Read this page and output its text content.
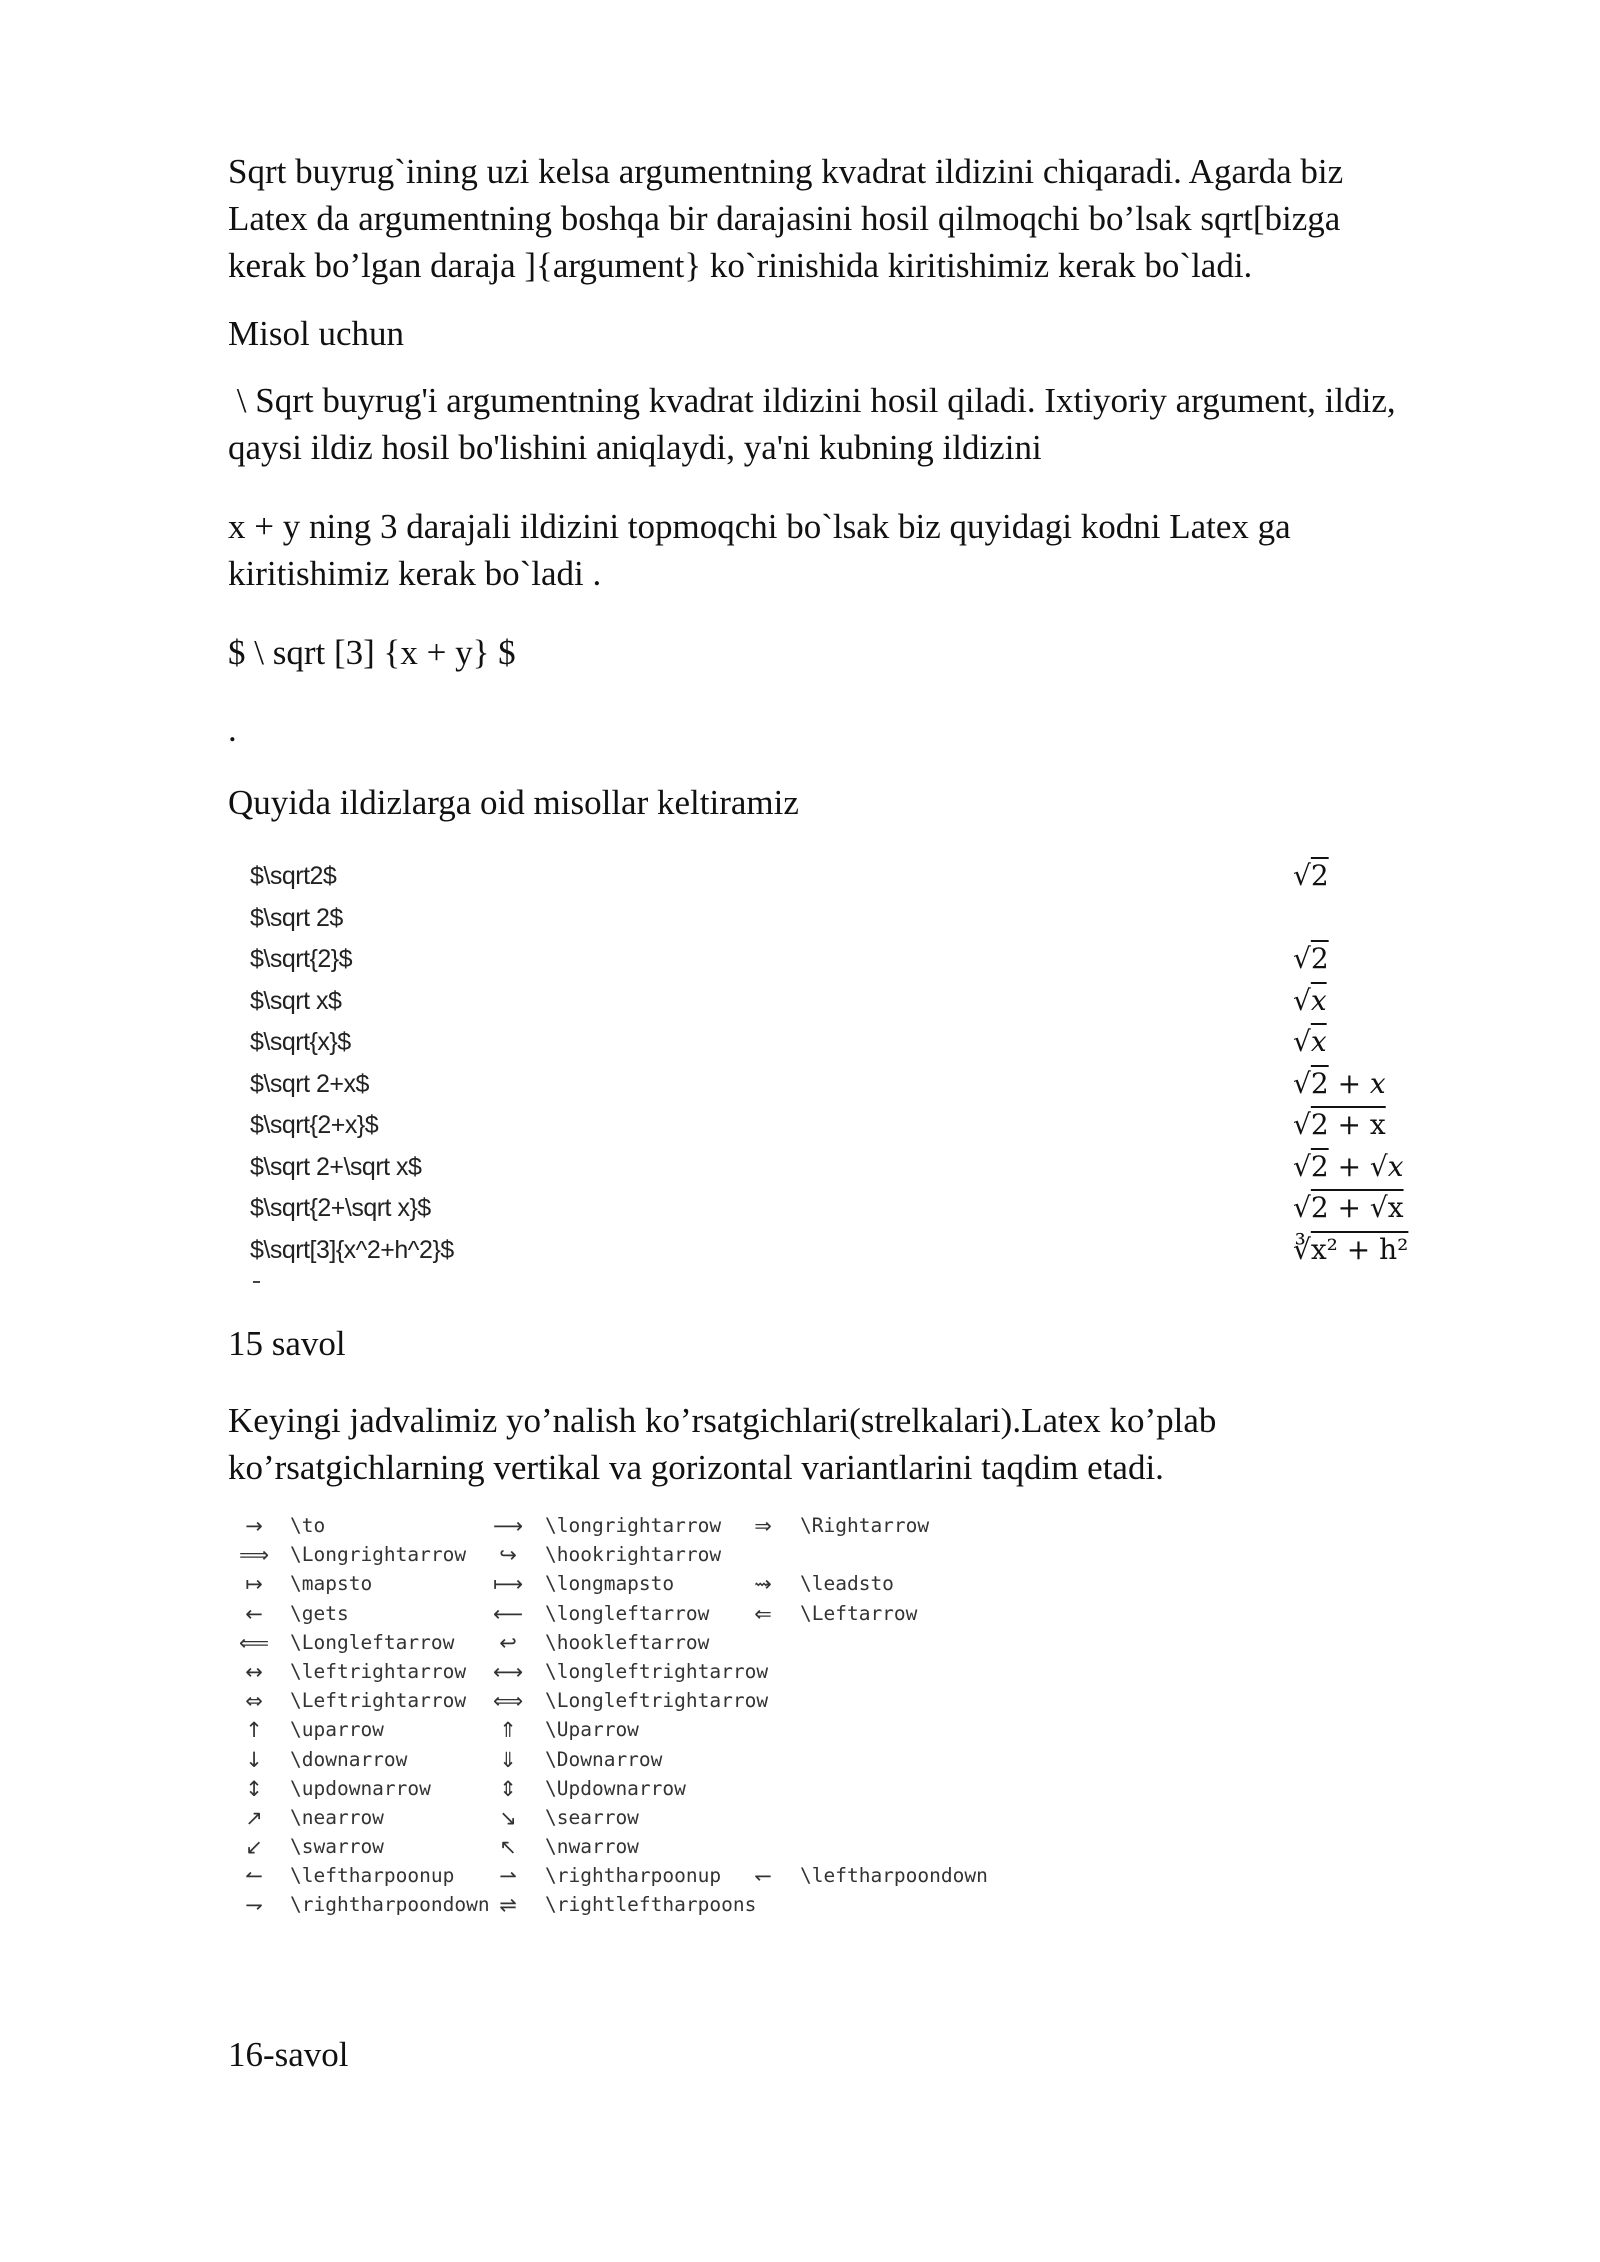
Sqrt buyrug`ining uzi kelsa argumentning kvadrat ildizini chiqaradi. Agarda biz
Latex da argumentning boshqa bir darajasini hosil qilmoqchi bo’lsak sqrt[bizga
kerak bo’lgan daraja ]{argument} ko`rinishida kiritishimiz kerak bo`ladi.
Misol uchun
\ Sqrt buyrug'i argumentning kvadrat ildizini hosil qiladi. Ixtiyoriy argument, ildiz,
qaysi ildiz hosil bo'lishini aniqlaydi, ya'ni kubning ildizini
x + y ning 3 darajali ildizini topmoqchi bo`lsak biz quyidagi kodni Latex ga
kiritishimiz kerak bo`ladi .
$ \ sqrt [3] {x + y} $
.
Quyida ildizlarga oid misollar keltiramiz
$\sqrt2$	√2
$\sqrt 2$
$\sqrt{2}$	√2
$\sqrt x$	√x
$\sqrt{x}$	√x
$\sqrt 2+x$	√2 + x
$\sqrt{2+x}$	√2 + x
$\sqrt 2+\sqrt x$	√2 + √x
$\sqrt{2+\sqrt x}$	√2 + √x
$\sqrt[3]{x^2+h^2}$	∛x² + h²
15 savol
Keyingi jadvalimiz yo’nalish ko’rsatgichlari(strelkalari).Latex ko’plab
ko’rsatgichlarning vertikal va gorizontal variantlarini taqdim etadi.
→	\to	⟶	\longrightarrow	⇒	\Rightarrow
⟹	\Longrightarrow	↪	\hookrightarrow
↦	\mapsto	⟼	\longmapsto	⇝	\leadsto
←	\gets	⟵	\longleftarrow	⇐	\Leftarrow
⟸	\Longleftarrow	↩	\hookleftarrow
↔	\leftrightarrow	⟷	\longleftrightarrow
⇔	\Leftrightarrow	⟺	\Longleftrightarrow
↑	\uparrow	⇑	\Uparrow
↓	\downarrow	⇓	\Downarrow
↕	\updownarrow	⇕	\Updownarrow
↗	\nearrow	↘	\searrow
↙	\swarrow	↖	\nwarrow
↼	\leftharpoonup	⇀	\rightharpoonup	↽	\leftharpoondown
⇁	\rightharpoondown ⇌	\rightleftharpoons
16-savol
